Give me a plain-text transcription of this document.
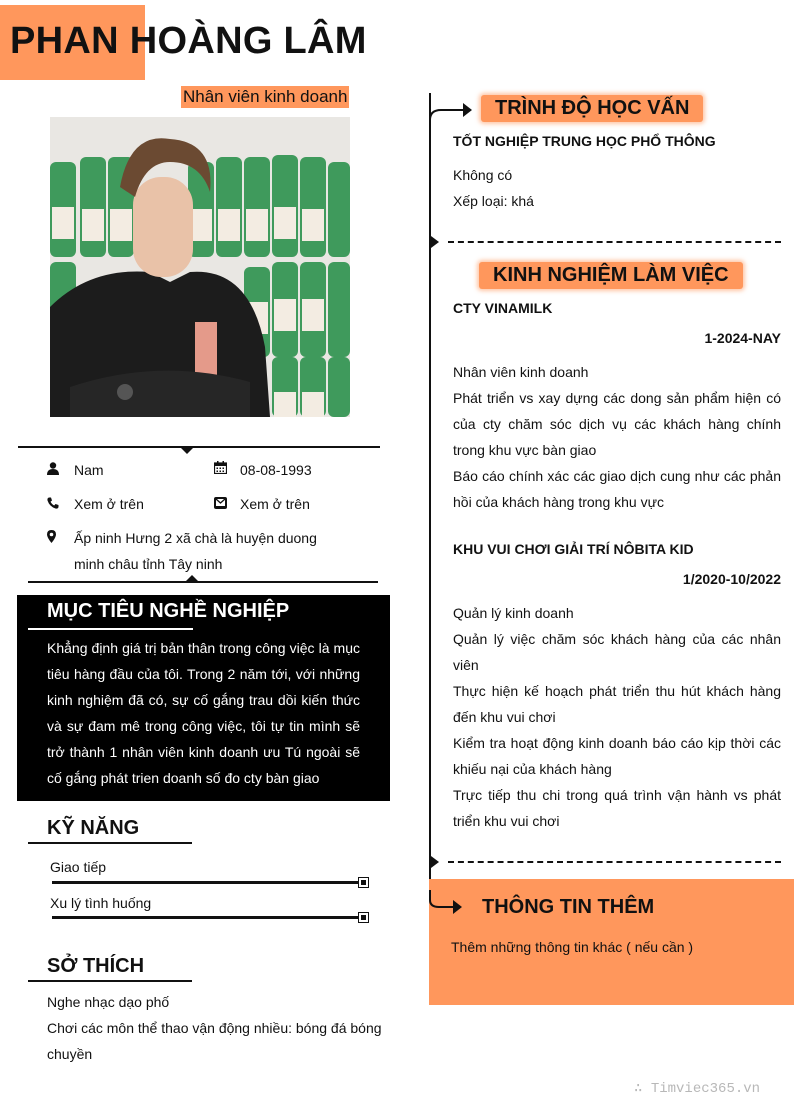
PHAN HOÀNG LÂM
Nhân viên kinh doanh
Nam	08-08-1993
Xem ở trên	Xem ở trên
Ấp ninh Hưng 2 xã chà là huyện duong
minh châu tỉnh Tây ninh
MỤC TIÊU NGHỀ NGHIỆP

Khẳng định giá trị bản thân trong công việc là mục tiêu hàng đầu của tôi. Trong 2 năm tới, với những kinh nghiệm đã có, sự cố gắng trau dồi kiến thức và sự đam mê trong công việc, tôi tự tin mình sẽ trở thành 1 nhân viên kinh doanh ưu Tú ngoài sẽ cố gắng phát trien doanh số đo cty bàn giao

KỸ NĂNG
Giao tiếp
Xu lý tình huống
SỞ THÍCH
Nghe nhạc dạo phố
Chơi các môn thể thao vận động nhiều: bóng đá bóng chuyền
TRÌNH ĐỘ HỌC VẤN
TỐT NGHIỆP TRUNG HỌC PHỔ THÔNG
Không có
Xếp loại: khá
KINH NGHIỆM LÀM VIỆC
CTY VINAMILK
1-2024-NAY
Nhân viên kinh doanh
Phát triển vs xay dựng các dong sản phẩm hiện có của cty chăm sóc dịch vụ các khách hàng chính trong khu vực bàn giao
Báo cáo chính xác các giao dịch cung như các phản hồi của khách hàng trong khu vực
KHU VUI CHƠI GIẢI TRÍ NÔBITA KID
1/2020-10/2022
Quản lý kinh doanh
Quản lý việc chăm sóc khách hàng của các nhân viên
Thực hiện kế hoạch phát triển thu hút khách hàng đến khu vui chơi
Kiểm tra hoạt động kinh doanh báo cáo kịp thời các khiếu nại của khách hàng
Trực tiếp thu chi trong quá trình vận hành vs phát triển khu vui chơi
THÔNG TIN THÊM
Thêm những thông tin khác ( nếu cần )
∴ Timviec365.vn
